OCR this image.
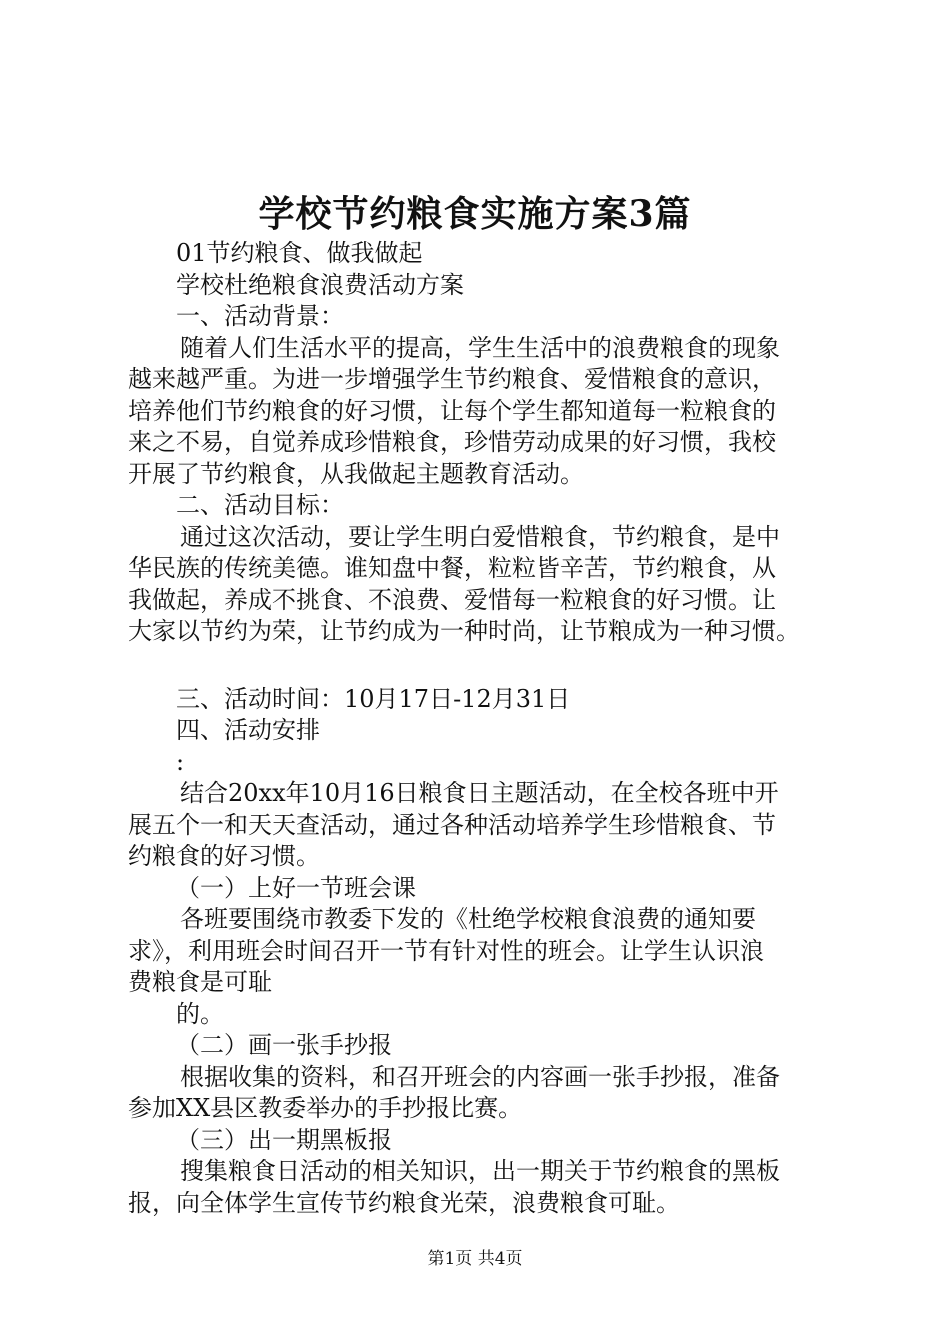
学校节约粮食实施方案3篇
01节约粮食、做我做起
学校杜绝粮食浪费活动方案
一、活动背景：
随着人们生活水平的提高，学生生活中的浪费粮食的现象
越来越严重。为进一步增强学生节约粮食、爱惜粮食的意识，
培养他们节约粮食的好习惯，让每个学生都知道每一粒粮食的
来之不易，自觉养成珍惜粮食，珍惜劳动成果的好习惯，我校
开展了节约粮食，从我做起主题教育活动。
二、活动目标：
通过这次活动，要让学生明白爱惜粮食，节约粮食，是中
华民族的传统美德。谁知盘中餐，粒粒皆辛苦，节约粮食，从
我做起，养成不挑食、不浪费、爱惜每一粒粮食的好习惯。让
大家以节约为荣，让节约成为一种时尚，让节粮成为一种习惯。
三、活动时间：10月17日-12月31日
四、活动安排
:
结合20xx年10月16日粮食日主题活动，在全校各班中开
展五个一和天天查活动，通过各种活动培养学生珍惜粮食、节
约粮食的好习惯。
（一）上好一节班会课
各班要围绕市教委下发的《杜绝学校粮食浪费的通知要
求》，利用班会时间召开一节有针对性的班会。让学生认识浪
费粮食是可耻
的。
（二）画一张手抄报
根据收集的资料，和召开班会的内容画一张手抄报，准备
参加XX县区教委举办的手抄报比赛。
（三）出一期黑板报
搜集粮食日活动的相关知识，出一期关于节约粮食的黑板
报，向全体学生宣传节约粮食光荣，浪费粮食可耻。
第1页 共4页
